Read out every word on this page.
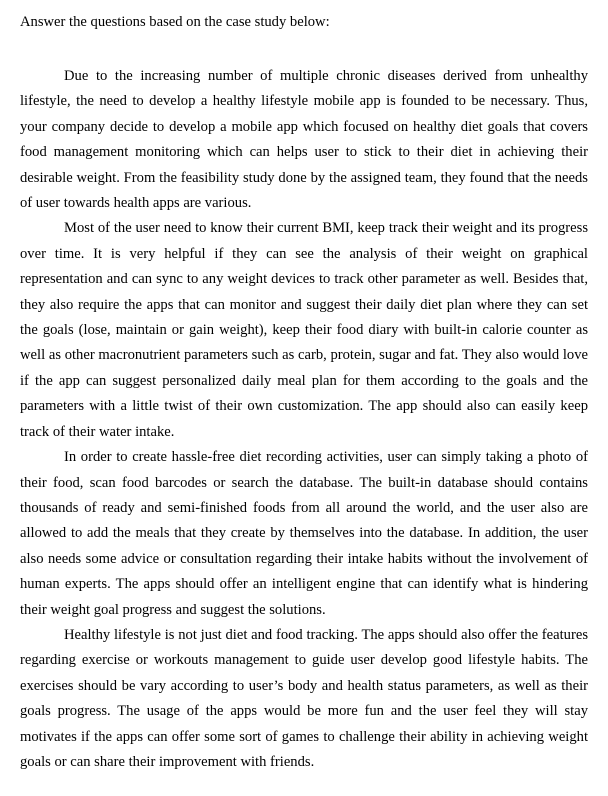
Answer the questions based on the case study below:

Due to the increasing number of multiple chronic diseases derived from unhealthy lifestyle, the need to develop a healthy lifestyle mobile app is founded to be necessary. Thus, your company decide to develop a mobile app which focused on healthy diet goals that covers food management monitoring which can helps user to stick to their diet in achieving their desirable weight. From the feasibility study done by the assigned team, they found that the needs of user towards health apps are various.

Most of the user need to know their current BMI, keep track their weight and its progress over time. It is very helpful if they can see the analysis of their weight on graphical representation and can sync to any weight devices to track other parameter as well. Besides that, they also require the apps that can monitor and suggest their daily diet plan where they can set the goals (lose, maintain or gain weight), keep their food diary with built-in calorie counter as well as other macronutrient parameters such as carb, protein, sugar and fat. They also would love if the app can suggest personalized daily meal plan for them according to the goals and the parameters with a little twist of their own customization. The app should also can easily keep track of their water intake.

In order to create hassle-free diet recording activities, user can simply taking a photo of their food, scan food barcodes or search the database. The built-in database should contains thousands of ready and semi-finished foods from all around the world, and the user also are allowed to add the meals that they create by themselves into the database. In addition, the user also needs some advice or consultation regarding their intake habits without the involvement of human experts. The apps should offer an intelligent engine that can identify what is hindering their weight goal progress and suggest the solutions.

Healthy lifestyle is not just diet and food tracking. The apps should also offer the features regarding exercise or workouts management to guide user develop good lifestyle habits. The exercises should be vary according to user’s body and health status parameters, as well as their goals progress. The usage of the apps would be more fun and the user feel they will stay motivates if the apps can offer some sort of games to challenge their ability in achieving weight goals or can share their improvement with friends.
